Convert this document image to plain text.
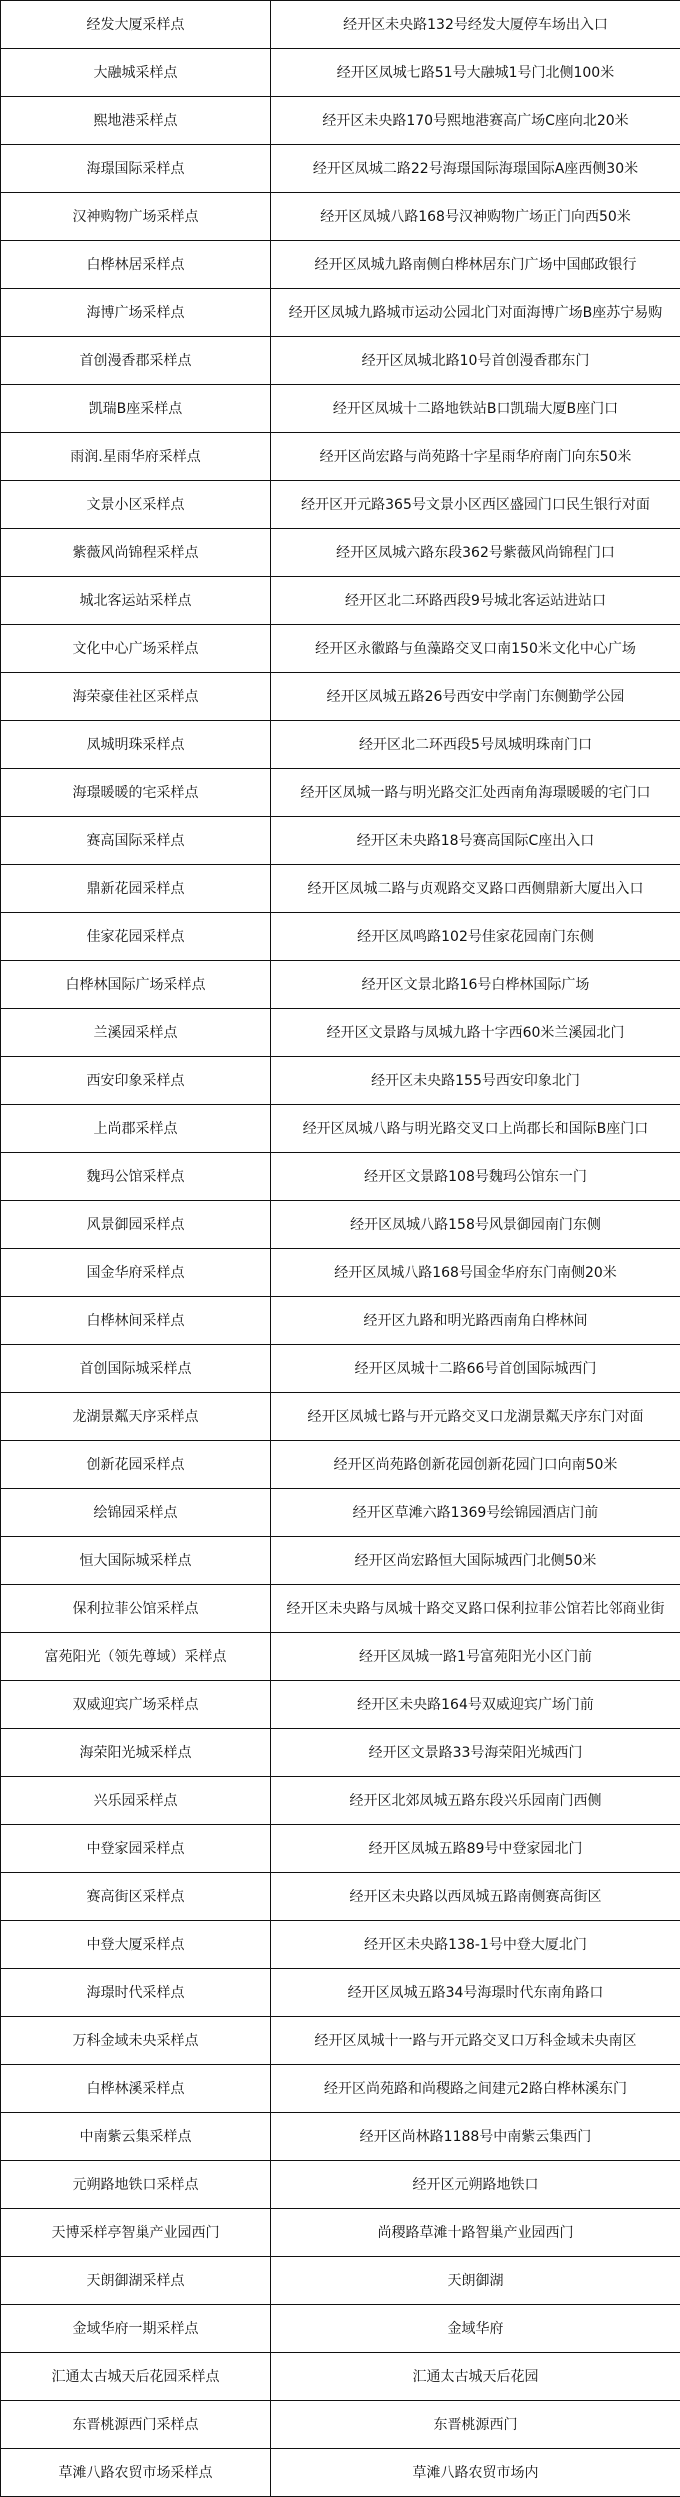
经发大厦采样点	经开区未央路132号经发大厦停车场出入口
大融城采样点	经开区凤城七路51号大融城1号门北侧100米
熙地港采样点	经开区未央路170号熙地港赛高广场C座向北20米
海璟国际采样点	经开区凤城二路22号海璟国际海璟国际A座西侧30米
汉神购物广场采样点	经开区凤城八路168号汉神购物广场正门向西50米
白桦林居采样点	经开区凤城九路南侧白桦林居东门广场中国邮政银行
海博广场采样点	经开区凤城九路城市运动公园北门对面海博广场B座苏宁易购
首创漫香郡采样点	经开区凤城北路10号首创漫香郡东门
凯瑞B座采样点	经开区凤城十二路地铁站B口凯瑞大厦B座门口
雨润.星雨华府采样点	经开区尚宏路与尚苑路十字星雨华府南门向东50米
文景小区采样点	经开区开元路365号文景小区西区盛园门口民生银行对面
紫薇风尚锦程采样点	经开区凤城六路东段362号紫薇风尚锦程门口
城北客运站采样点	经开区北二环路西段9号城北客运站进站口
文化中心广场采样点	经开区永徽路与鱼藻路交叉口南150米文化中心广场
海荣豪佳社区采样点	经开区凤城五路26号西安中学南门东侧勤学公园
凤城明珠采样点	经开区北二环西段5号凤城明珠南门口
海璟暖暖的宅采样点	经开区凤城一路与明光路交汇处西南角海璟暖暖的宅门口
赛高国际采样点	经开区未央路18号赛高国际C座出入口
鼎新花园采样点	经开区凤城二路与贞观路交叉路口西侧鼎新大厦出入口
佳家花园采样点	经开区凤鸣路102号佳家花园南门东侧
白桦林国际广场采样点	经开区文景北路16号白桦林国际广场
兰溪园采样点	经开区文景路与凤城九路十字西60米兰溪园北门
西安印象采样点	经开区未央路155号西安印象北门
上尚郡采样点	经开区凤城八路与明光路交叉口上尚郡长和国际B座门口
魏玛公馆采样点	经开区文景路108号魏玛公馆东一门
风景御园采样点	经开区凤城八路158号风景御园南门东侧
国金华府采样点	经开区凤城八路168号国金华府东门南侧20米
白桦林间采样点	经开区九路和明光路西南角白桦林间
首创国际城采样点	经开区凤城十二路66号首创国际城西门
龙湖景粼天序采样点	经开区凤城七路与开元路交叉口龙湖景粼天序东门对面
创新花园采样点	经开区尚苑路创新花园创新花园门口向南50米
绘锦园采样点	经开区草滩六路1369号绘锦园酒店门前
恒大国际城采样点	经开区尚宏路恒大国际城西门北侧50米
保利拉菲公馆采样点	经开区未央路与凤城十路交叉路口保利拉菲公馆若比邻商业街
富苑阳光（领先尊域）采样点	经开区凤城一路1号富苑阳光小区门前
双威迎宾广场采样点	经开区未央路164号双威迎宾广场门前
海荣阳光城采样点	经开区文景路33号海荣阳光城西门
兴乐园采样点	经开区北郊凤城五路东段兴乐园南门西侧
中登家园采样点	经开区凤城五路89号中登家园北门
赛高街区采样点	经开区未央路以西凤城五路南侧赛高街区
中登大厦采样点	经开区未央路138-1号中登大厦北门
海璟时代采样点	经开区凤城五路34号海璟时代东南角路口
万科金域未央采样点	经开区凤城十一路与开元路交叉口万科金域未央南区
白桦林溪采样点	经开区尚苑路和尚稷路之间建元2路白桦林溪东门
中南紫云集采样点	经开区尚林路1188号中南紫云集西门
元朔路地铁口采样点	经开区元朔路地铁口
天博采样亭智巢产业园西门	尚稷路草滩十路智巢产业园西门
天朗御湖采样点	天朗御湖
金域华府一期采样点	金域华府
汇通太古城天后花园采样点	汇通太古城天后花园
东晋桃源西门采样点	东晋桃源西门
草滩八路农贸市场采样点	草滩八路农贸市场内
